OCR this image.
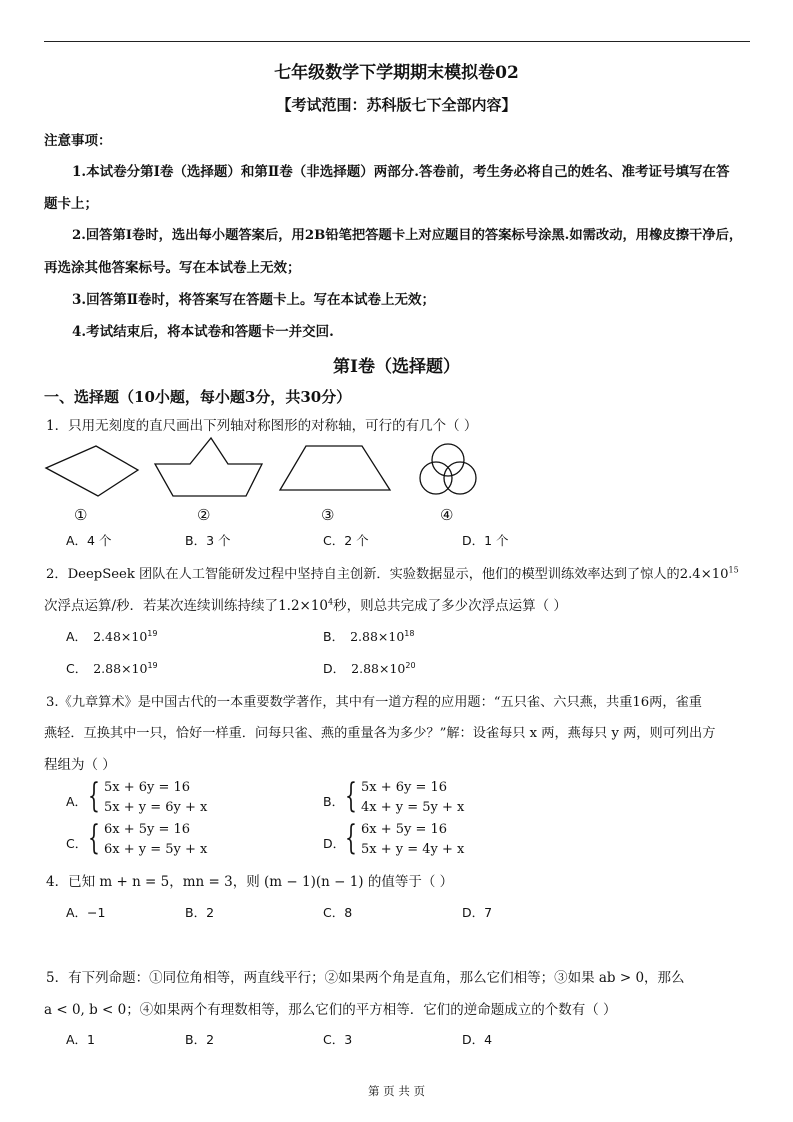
七年级数学下学期期末模拟卷02
【考试范围：苏科版七下全部内容】
注意事项：
1.本试卷分第Ⅰ卷（选择题）和第Ⅱ卷（非选择题）两部分.答卷前，考生务必将自己的姓名、准考证号填写在答
题卡上；
2.回答第Ⅰ卷时，选出每小题答案后，用2B铅笔把答题卡上对应题目的答案标号涂黑.如需改动，用橡皮擦干净后，
再选涂其他答案标号。写在本试卷上无效；
3.回答第Ⅱ卷时，将答案写在答题卡上。写在本试卷上无效；
4.考试结束后，将本试卷和答题卡一并交回.
第Ⅰ卷（选择题）
一、选择题（10小题，每小题3分，共30分）
1．只用无刻度的直尺画出下列轴对称图形的对称轴，可行的有几个（ ）
①	②	③	④
A．4 个	B．3 个	C．2 个	D．1 个
2．DeepSeek 团队在人工智能研发过程中坚持自主创新．实验数据显示，他们的模型训练效率达到了惊人的$2.4\times 10^{15}$
次浮点运算/秒．若某次连续训练持续了$1.2\times 10^4$秒，则总共完成了多少次浮点运算（ ）
A． $2.48\times 10^{19}$	B． $2.88\times 10^{18}$
C． $2.88\times 10^{19}$	D． $2.88\times 10^{20}$
3.《九章算术》是中国古代的一本重要数学著作，其中有一道方程的应用题：“五只雀、六只燕，共重16两，雀重
燕轻．互换其中一只，恰好一样重．问每只雀、燕的重量各为多少？”解：设雀每只 x 两，燕每只 y 两，则可列出方
程组为（ ）
A． { 5x + 6y = 16
5x + y = 6y + x	B． { 5x + 6y = 16
4x + y = 5y + x
C． { 6x + 5y = 16
6x + y = 5y + x	D． { 6x + 5y = 16
5x + y = 4y + x
4．已知 m + n = 5，mn = 3，则 (m − 1)(n − 1) 的值等于（ ）
A．−1	B．2	C．8	D．7
5．有下列命题：①同位角相等，两直线平行；②如果两个角是直角，那么它们相等；③如果 ab > 0，那么
a < 0, b < 0；④如果两个有理数相等，那么它们的平方相等．它们的逆命题成立的个数有（ ）
A．1	B．2	C．3	D．4
第 页 共 页
